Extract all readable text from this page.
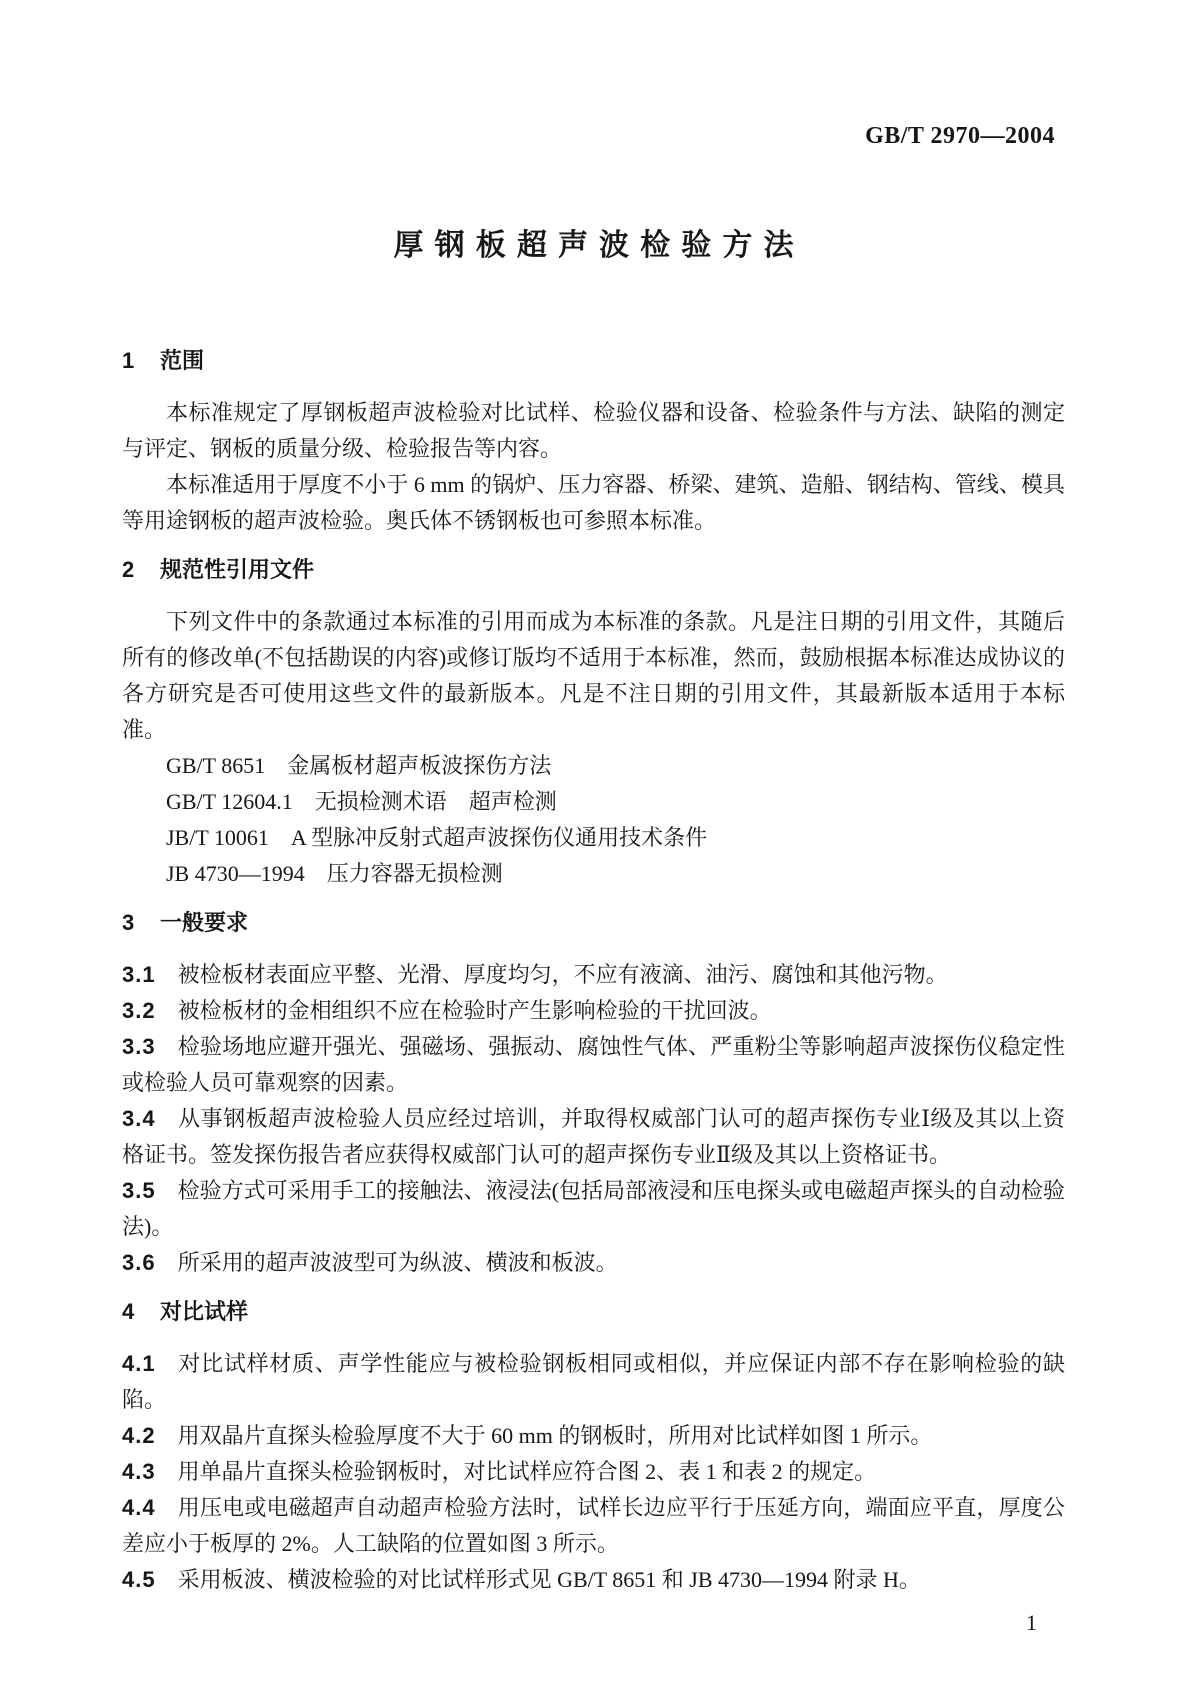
GB/T 2970—2004
厚钢板超声波检验方法
1 范围

本标准规定了厚钢板超声波检验对比试样、检验仪器和设备、检验条件与方法、缺陷的测定与评定、钢板的质量分级、检验报告等内容。

本标准适用于厚度不小于 6 mm 的锅炉、压力容器、桥梁、建筑、造船、钢结构、管线、模具等用途钢板的超声波检验。奥氏体不锈钢板也可参照本标准。

2 规范性引用文件

下列文件中的条款通过本标准的引用而成为本标准的条款。凡是注日期的引用文件，其随后所有的修改单(不包括勘误的内容)或修订版均不适用于本标准，然而，鼓励根据本标准达成协议的各方研究是否可使用这些文件的最新版本。凡是不注日期的引用文件，其最新版本适用于本标准。

GB/T 8651　金属板材超声板波探伤方法

GB/T 12604.1　无损检测术语　超声检测

JB/T 10061　A 型脉冲反射式超声波探伤仪通用技术条件

JB 4730—1994　压力容器无损检测

3 一般要求

3.1 被检板材表面应平整、光滑、厚度均匀，不应有液滴、油污、腐蚀和其他污物。

3.2 被检板材的金相组织不应在检验时产生影响检验的干扰回波。

3.3 检验场地应避开强光、强磁场、强振动、腐蚀性气体、严重粉尘等影响超声波探伤仪稳定性或检验人员可靠观察的因素。

3.4 从事钢板超声波检验人员应经过培训，并取得权威部门认可的超声探伤专业Ⅰ级及其以上资格证书。签发探伤报告者应获得权威部门认可的超声探伤专业Ⅱ级及其以上资格证书。

3.5 检验方式可采用手工的接触法、液浸法(包括局部液浸和压电探头或电磁超声探头的自动检验法)。

3.6 所采用的超声波波型可为纵波、横波和板波。

4 对比试样

4.1 对比试样材质、声学性能应与被检验钢板相同或相似，并应保证内部不存在影响检验的缺陷。

4.2 用双晶片直探头检验厚度不大于 60 mm 的钢板时，所用对比试样如图 1 所示。

4.3 用单晶片直探头检验钢板时，对比试样应符合图 2、表 1 和表 2 的规定。

4.4 用压电或电磁超声自动超声检验方法时，试样长边应平行于压延方向，端面应平直，厚度公差应小于板厚的 2%。人工缺陷的位置如图 3 所示。

4.5 采用板波、横波检验的对比试样形式见 GB/T 8651 和 JB 4730—1994 附录 H。

1
